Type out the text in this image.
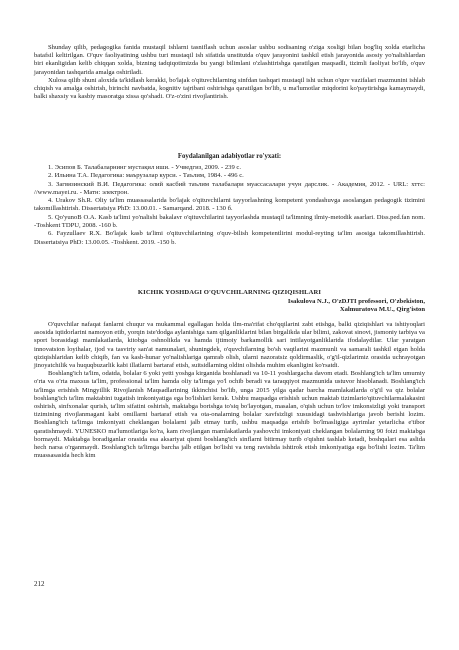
Shunday qilib, pedagogika fanida mustaqil ishlarni tasniflash uchun asoslar ushbu sodisaning o'ziga xosligi bilan bog'liq xolda etarlicha batafsil keltirilgan. O'quv faoliyatining ushbu turi mustaqil ish sifatida unstitutda o'quv jarayonini tashkil etish jarayonida asosiy yo'nalishlardan biri ekanligidan kelib chiqqan xolda, bizning tadqiqotimizda bu yangi bilimlani o'zlashtirishga qaratilgan maqsadli, tizimli faoliyat bo'lib, o'quv jarayonidan tashqarida amalga oshiriladi.

Xulosa qilib shuni aloxida ta'kidlash kerakki, bo'lajak o'qituvchilarning sinfdan tashqari mustaqil ishi uchun o'quv vazifalari mazmunini ishlab chiqish va amalga oshirish, birinchi navbatda, kognitiv tajribani oshirishga qaratilgan bo'lib, u ma'lumotlar miqdorini ko'paytirishga kamaymaydi, balki shaxsiy va kasbiy masoratga xissa qo'shadi. O'z-o'zini rivojlantirish.

Foydalanilgan adabiyotlar ro'yxati:

1. Эсипов Б. Талабаларнинг мустақил иши. - Учведгиз, 2009. - 239 с.

2. Ильина Т.А. Педагогика: маърузалар курси. - Таълим, 1984. - 496 с.

3. Загвязинский В.И. Педагогика: олий касбий таълим талабалари муассасалари учун дарслик. - Академия, 2012. - URL: хттс: //www.mayei.ru. - Матн: электрон.

4. Urakov Sh.R. Oliy ta'lim muassasalarida bo'lajak o'qituvchilarni tayyorlashning kompetent yondashuvga asoslangan pedagogik tizimini takomillashtirish. Dissertatsiya PhD: 13.00.01. - Samarqand. 2018. - 130 б.

5. Qo'yunoB O.A. Kasb ta'limi yo'nalishi bakalavr o'qituvchilarini tayyorlashda mustaqil ta'limning ilmiy-metodik asarlari. Diss.ped.fan nom. -Toshkent TDPU, 2008. -160 b.

6. Fayzullaev R.X. Bo'lajak kasb ta'limi o'qituvchilarining o'quv-bilish kompetentlirini modul-reyting ta'lim asosiga takomillashtirish. Dissertatsiya PhD: 13.00.05. -Toshkent. 2019. -150 b.

KICHIK YOSHDAGI O'QUVCHILARNING QIZIQISHLARI
Isakulova N.J., O'zDJTI professori, O'zbekiston,
Xalmuratova M.U., Qirg'iston

O'quvchilar nafaqat fanlarni chuqur va mukammal egallagan holda ilm-ma'rifat cho'qqilarini zabt etishga, balki qiziqishlari va ishtiyoqlari asosida iqtidorlarini namoyon etib, yorqin iste'dodga aylanishiga xam qilganliklarini bilan birgalikda ular bilimi, zakovat sinovi, jismoniy tarbiya va sport borasidagi mamlakatlarda, kitobga oshnolikda va hamda ijtimoiy barkamollik sari intilayotganliklarida ifodalaydilar. Ular yaratgan innovatsion loyihalar, ijod va tasviriy san'at namunalari, shuningdek, o'quvchilarning bo'sh vaqtlarini mazmunli va samarali tashkil etgan holda qiziqishlaridan kelib chiqib, fan va kasb-hunar yo'nalishlariga qamrab olish, ularni nazoratsiz qoldirmaslik, o'g'il-qizlarimiz orasida uchrayotgan jinoyatchilik va huquqbuzarlik kabi illatlarni bartaraf etish, suitsidlarning oldini olishda muhim ekanligini ko'rsatdi.

Boshlang'ich ta'lim, odatda, bolalar 6 yoki yetti yoshga kirganida boshlanadi va 10-11 yoshlargacha davom etadi. Boshlang'ich ta'lim umumiy o'rta va o'rta maxsus ta'lim, professional ta'lim hamda oliy ta'limga yo'l ochib beradi va taraqqiyot mazmunida ustuvor hisoblanadi. Boshlang'ich ta'limga erishish Mingyillik Rivojlanish Maqsadlarining ikkinchisi bo'lib, unga 2015 yilga qadar barcha mamlakatlarda o'g'il va qiz bolalar boshlang'ich ta'lim maktabini tugatish imkoniyatiga ega bo'lishlari kerak. Ushbu maqsadga erishish uchun maktab tizimlario'qituvchilarmalakasini oshirish, sinfxonalar qurish, ta'lim sifatini oshirish, maktabga borishga to'siq bo'layotgan, masalan, o'qish uchun to'lov imkonsizligi yoki transport tizimining rivojlanmagani kabi omillarni bartaraf etish va ota-onalarning bolalar xavfsizligi xususidagi tashvishlariga javob berishi lozim. Boshlang'ich ta'limga imkoniyati cheklangan bolalarni jalb etmay turib, ushbu maqsadga erishib bo'lmasligiga ayrimlar yetarlicha e'tibor qaratishmaydi. YUNESKO ma'lumotlariga ko'ra, kam rivojlangan mamlakatlarda yashovchi imkoniyati cheklangan bolalarning 90 foizi maktabga bormaydi. Maktabga boradiganlar orasida esa aksariyat qismi boshlang'ich sinflarni bitirmay turib o'qishni tashlab ketadi, boshqalari esa aslida hech narsa o'rganmaydi. Boshlang'ich ta'limga barcha jalb etilgan bo'lishi va teng ravishda ishtirok etish imkoniyatiga ega bo'lishi lozim. Ta'lim muassasasida hech kim

212
